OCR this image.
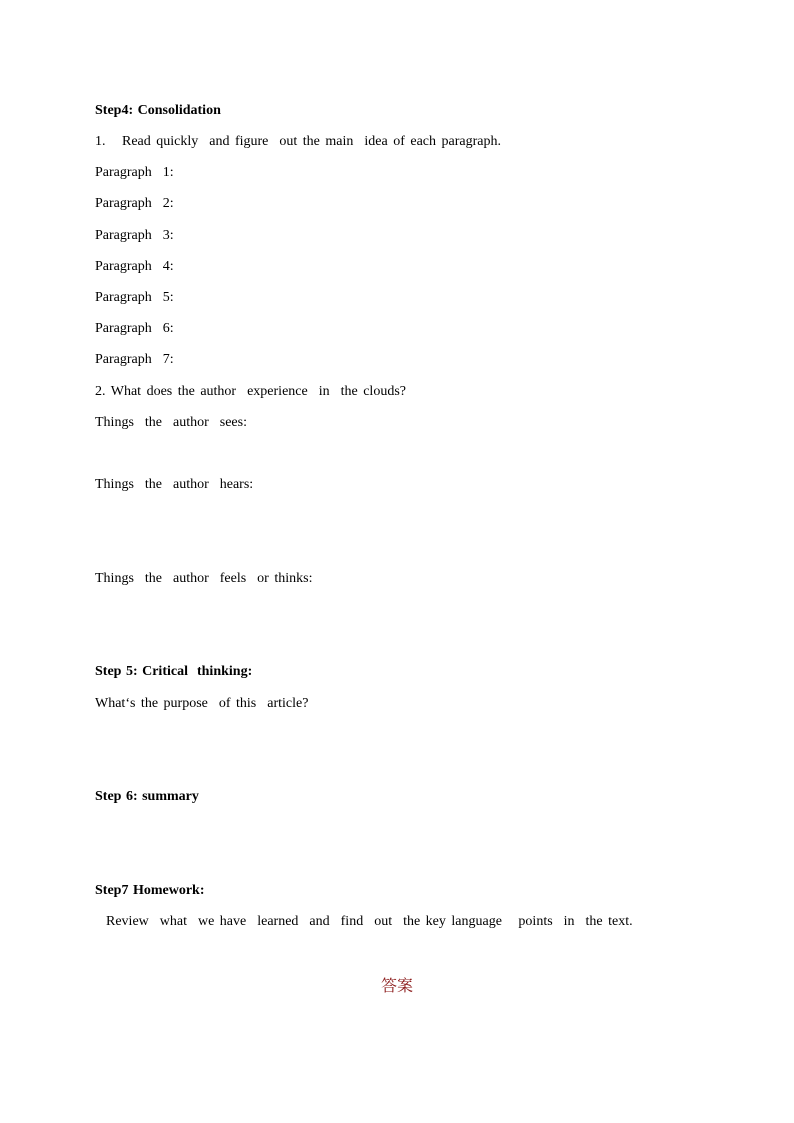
Step4: Consolidation
1.   Read quickly  and figure  out the main  idea of each paragraph.
Paragraph  1:
Paragraph  2:
Paragraph  3:
Paragraph  4:
Paragraph  5:
Paragraph  6:
Paragraph  7:
2. What does the author  experience  in  the clouds?
Things  the  author  sees:
Things  the  author  hears:
Things  the  author  feels  or thinks:
Step 5: Critical  thinking:
What‘s the purpose  of this  article?
Step 6: summary
Step7 Homework:
Review  what  we have  learned  and  find  out  the key language   points  in  the text.
答案
